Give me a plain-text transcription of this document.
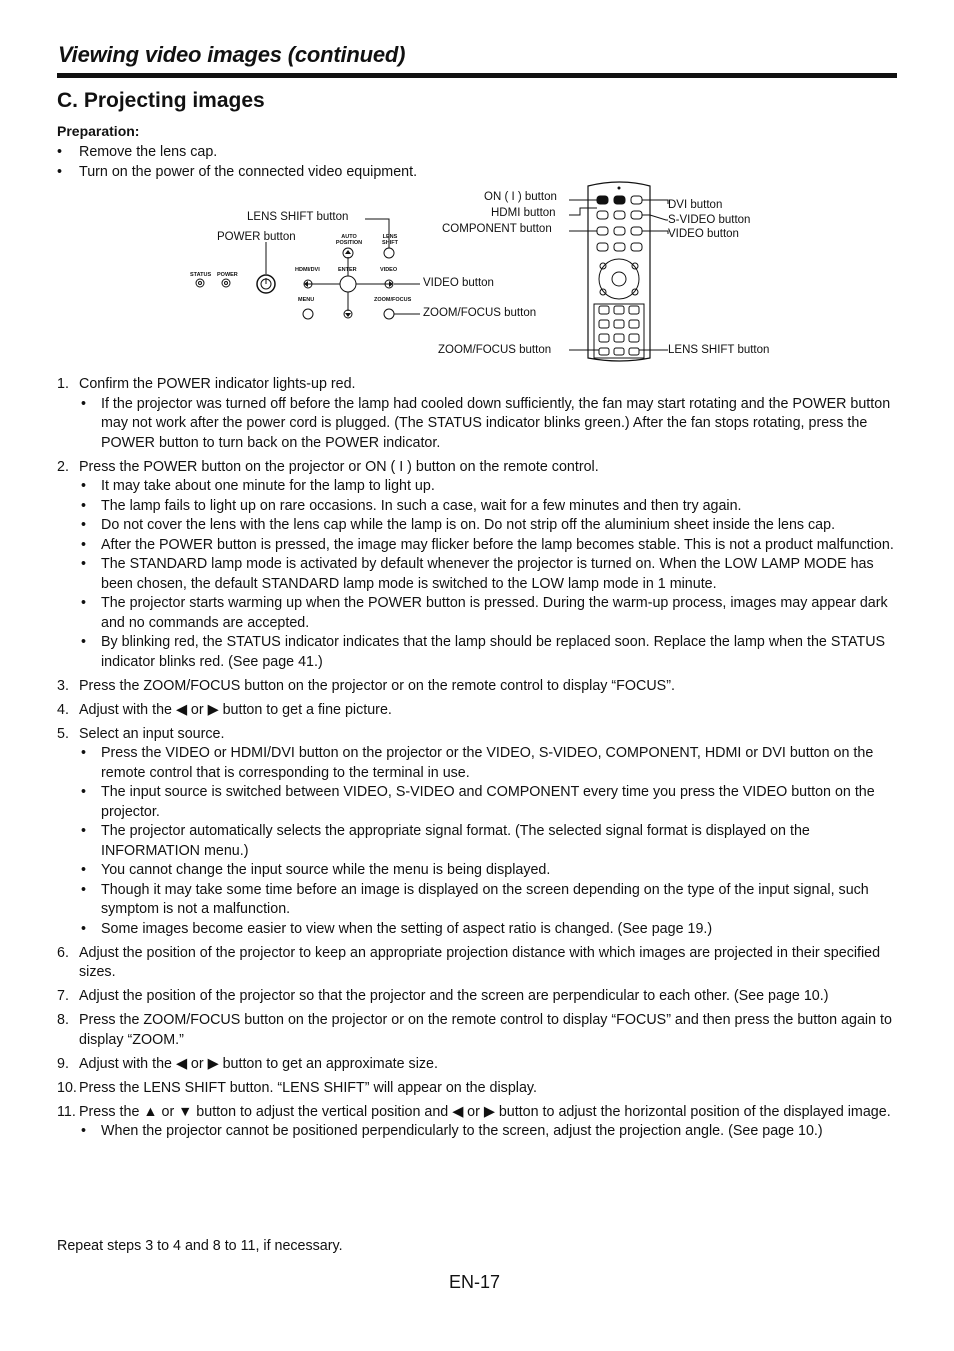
Viewing video images (continued)
C. Projecting images
Preparation:
• Remove the lens cap.
• Turn on the power of the connected video equipment.
LENS SHIFT button
POWER button
VIDEO button
ZOOM/FOCUS button
STATUS POWER
HDMI/DVI
MENU
ENTER
AUTO POSITION
LENS SHIFT
VIDEO
ZOOM/FOCUS
ON ( I ) button
HDMI button
COMPONENT button
DVI button
S-VIDEO button
VIDEO button
ZOOM/FOCUS button	LENS SHIFT button
1. Confirm the POWER indicator lights-up red.
• If the projector was turned off before the lamp had cooled down sufficiently, the fan may start rotating and the POWER button may not work after the power cord is plugged. (The STATUS indicator blinks green.) After the fan stops rotating, press the POWER button to turn back on the POWER indicator.
2. Press the POWER button on the projector or ON ( I ) button on the remote control.
• It may take about one minute for the lamp to light up.
• The lamp fails to light up on rare occasions. In such a case, wait for a few minutes and then try again.
• Do not cover the lens with the lens cap while the lamp is on. Do not strip off the aluminium sheet inside the lens cap.
• After the POWER button is pressed, the image may flicker before the lamp becomes stable. This is not a product malfunction.
• The STANDARD lamp mode is activated by default whenever the projector is turned on. When the LOW LAMP MODE has been chosen, the default STANDARD lamp mode is switched to the LOW lamp mode in 1 minute.
• The projector starts warming up when the POWER button is pressed. During the warm-up process, images may appear dark and no commands are accepted.
• By blinking red, the STATUS indicator indicates that the lamp should be replaced soon. Replace the lamp when the STATUS indicator blinks red. (See page 41.)
3. Press the ZOOM/FOCUS button on the projector or on the remote control to display “FOCUS”.
4. Adjust with the ◀ or ▶ button to get a fine picture.
5. Select an input source.
• Press the VIDEO or HDMI/DVI button on the projector or the VIDEO, S-VIDEO, COMPONENT, HDMI or DVI button on the remote control that is corresponding to the terminal in use.
• The input source is switched between VIDEO, S-VIDEO and COMPONENT every time you press the VIDEO button on the projector.
• The projector automatically selects the appropriate signal format. (The selected signal format is displayed on the INFORMATION menu.)
• You cannot change the input source while the menu is being displayed.
• Though it may take some time before an image is displayed on the screen depending on the type of the input signal, such symptom is not a malfunction.
• Some images become easier to view when the setting of aspect ratio is changed. (See page 19.)
6. Adjust the position of the projector to keep an appropriate projection distance with which images are projected in their specified sizes.
7. Adjust the position of the projector so that the projector and the screen are perpendicular to each other. (See page 10.)
8. Press the ZOOM/FOCUS button on the projector or on the remote control to display “FOCUS” and then press the button again to display “ZOOM.”
9. Adjust with the ◀ or ▶ button to get an approximate size.
10. Press the LENS SHIFT button. “LENS SHIFT” will appear on the display.
11. Press the ▲ or ▼ button to adjust the vertical position and ◀ or ▶ button to adjust the horizontal position of the displayed image.
• When the projector cannot be positioned perpendicularly to the screen, adjust the projection angle. (See page 10.)
Repeat steps 3 to 4 and 8 to 11, if necessary.
EN-17
